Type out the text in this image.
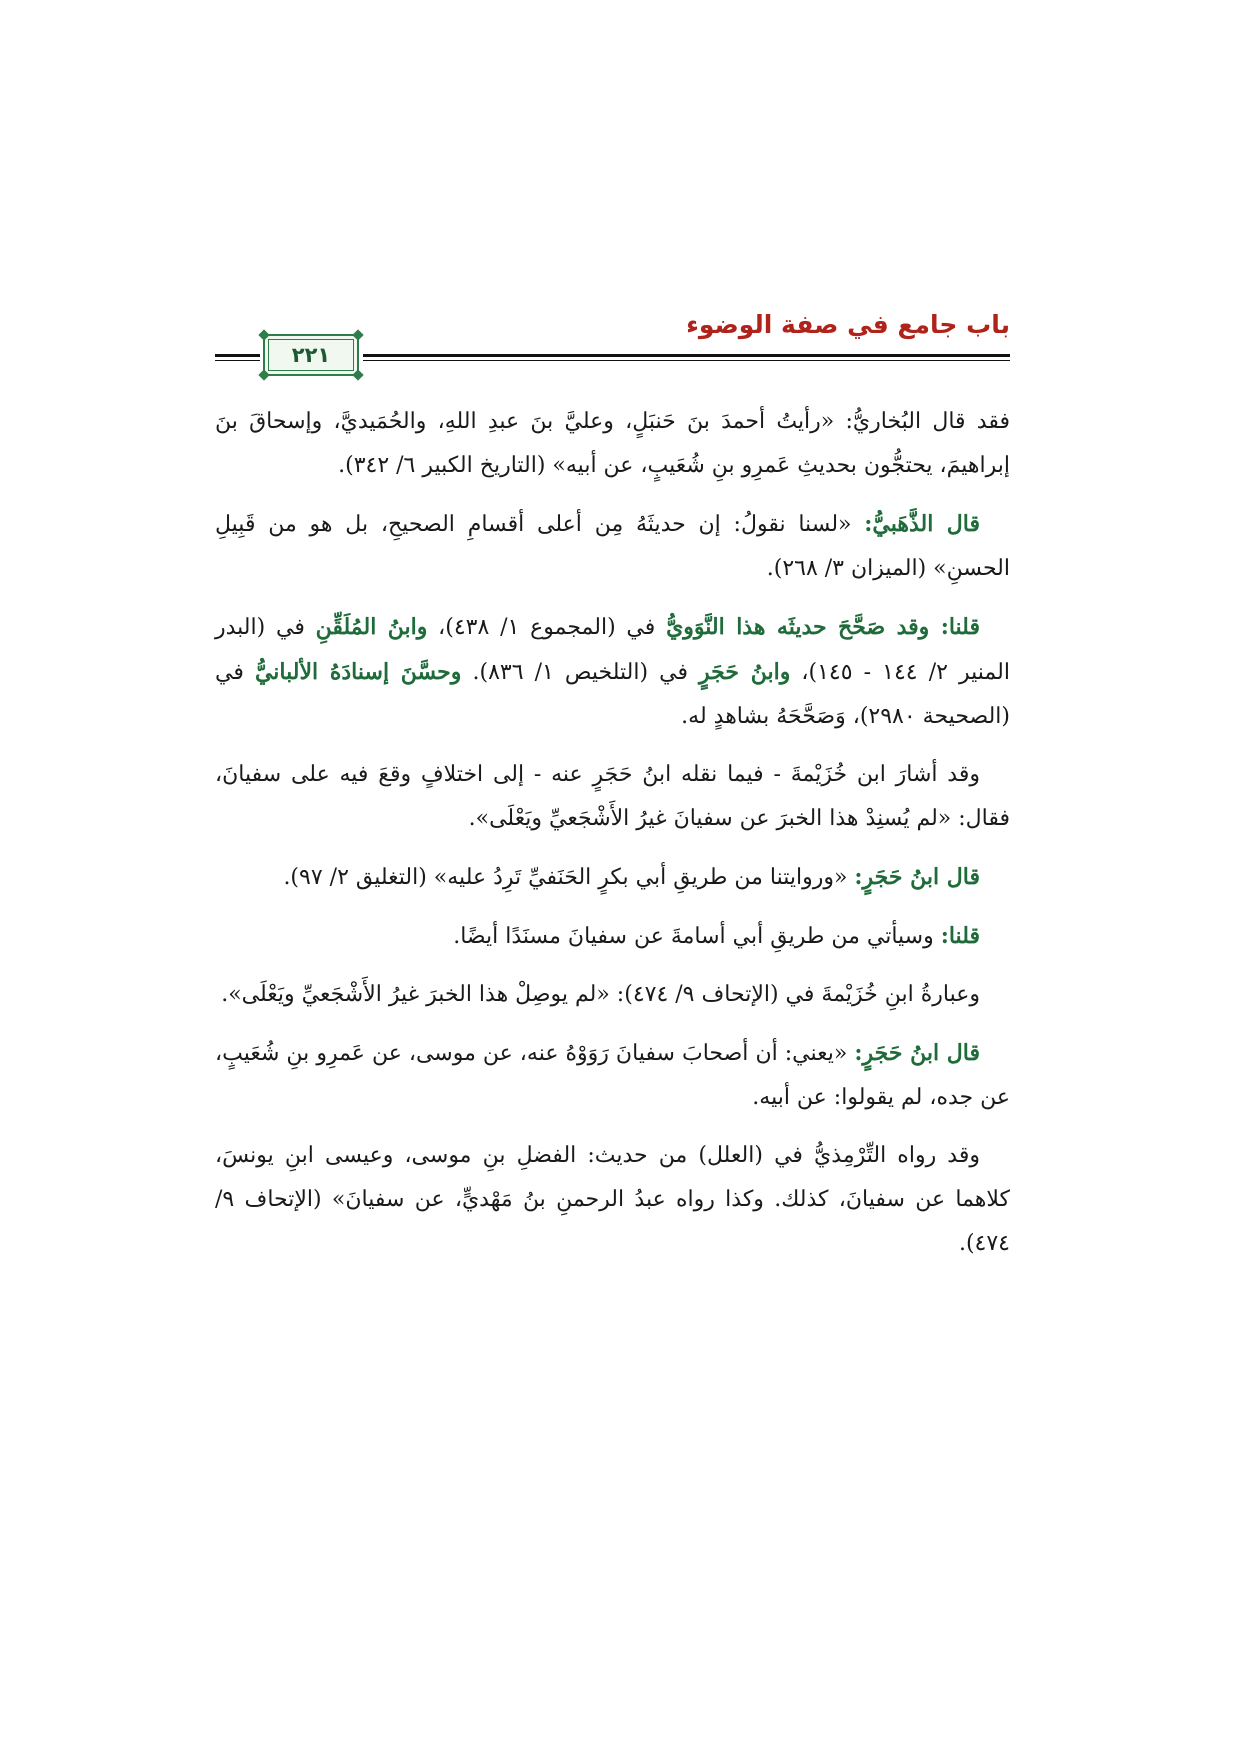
باب جامع في صفة الوضوء
٢٢١

فقد قال البُخاريُّ: «رأيتُ أحمدَ بنَ حَنبَلٍ، وعليَّ بنَ عبدِ اللهِ، والحُمَيديَّ، وإسحاقَ بنَ إبراهيمَ، يحتجُّون بحديثِ عَمرِو بنِ شُعَيبٍ، عن أبيه» (التاريخ الكبير ٦/ ٣٤٢).

قال الذَّهَبيُّ: «لسنا نقولُ: إن حديثَهُ مِن أعلى أقسامِ الصحيحِ، بل هو من قَبِيلِ الحسنِ» (الميزان ٣/ ٢٦٨).

قلنا: وقد صَحَّحَ حديثَه هذا النَّوَويُّ في (المجموع ١/ ٤٣٨)، وابنُ المُلَقِّنِ في (البدر المنير ٢/ ١٤٤ - ١٤٥)، وابنُ حَجَرٍ في (التلخيص ١/ ٨٣٦). وحسَّنَ إسنادَهُ الألبانيُّ في (الصحيحة ٢٩٨٠)، وَصَحَّحَهُ بشاهدٍ له.

وقد أشارَ ابن خُزَيْمةَ - فيما نقله ابنُ حَجَرٍ عنه - إلى اختلافٍ وقعَ فيه على سفيانَ، فقال: «لم يُسنِدْ هذا الخبرَ عن سفيانَ غيرُ الأَشْجَعيِّ ويَعْلَى».

قال ابنُ حَجَرٍ: «وروايتنا من طريقِ أبي بكرٍ الحَنَفيِّ تَرِدُ عليه» (التغليق ٢/ ٩٧).

قلنا: وسيأتي من طريقِ أبي أسامةَ عن سفيانَ مسنَدًا أيضًا.

وعبارةُ ابنِ خُزَيْمةَ في (الإتحاف ٩/ ٤٧٤): «لم يوصِلْ هذا الخبرَ غيرُ الأَشْجَعيِّ ويَعْلَى».

قال ابنُ حَجَرٍ: «يعني: أن أصحابَ سفيانَ رَوَوْهُ عنه، عن موسى، عن عَمرِو بنِ شُعَيبٍ، عن جده، لم يقولوا: عن أبيه.

وقد رواه التِّرْمِذيُّ في (العلل) من حديث: الفضلِ بنِ موسى، وعيسى ابنِ يونسَ، كلاهما عن سفيانَ، كذلك. وكذا رواه عبدُ الرحمنِ بنُ مَهْديٍّ، عن سفيانَ» (الإتحاف ٩/ ٤٧٤).
